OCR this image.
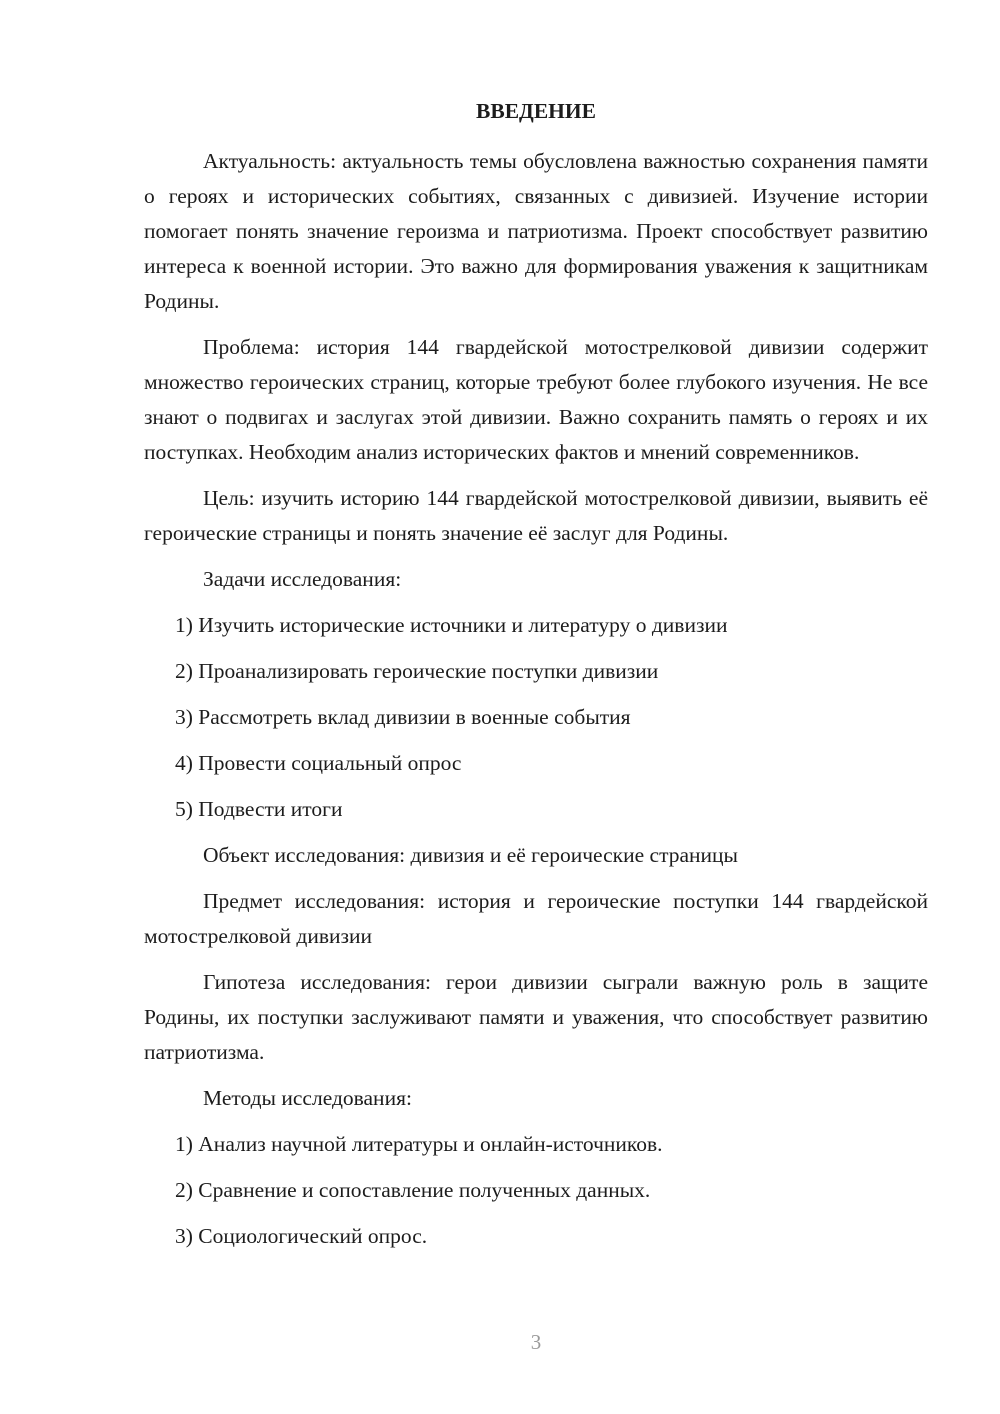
ВВЕДЕНИЕ
Актуальность: актуальность темы обусловлена важностью сохранения памяти о героях и исторических событиях, связанных с дивизией. Изучение истории помогает понять значение героизма и патриотизма. Проект способствует развитию интереса к военной истории. Это важно для формирования уважения к защитникам Родины.
Проблема: история 144 гвардейской мотострелковой дивизии содержит множество героических страниц, которые требуют более глубокого изучения. Не все знают о подвигах и заслугах этой дивизии. Важно сохранить память о героях и их поступках. Необходим анализ исторических фактов и мнений современников.
Цель: изучить историю 144 гвардейской мотострелковой дивизии, выявить её героические страницы и понять значение её заслуг для Родины.
Задачи исследования:
1) Изучить исторические источники и литературу о дивизии
2) Проанализировать героические поступки дивизии
3) Рассмотреть вклад дивизии в военные события
4) Провести социальный опрос
5) Подвести итоги
Объект исследования: дивизия и её героические страницы
Предмет исследования: история и героические поступки 144 гвардейской мотострелковой дивизии
Гипотеза исследования: герои дивизии сыграли важную роль в защите Родины, их поступки заслуживают памяти и уважения, что способствует развитию патриотизма.
Методы исследования:
1) Анализ научной литературы и онлайн-источников.
2) Сравнение и сопоставление полученных данных.
3) Социологический опрос.
3
